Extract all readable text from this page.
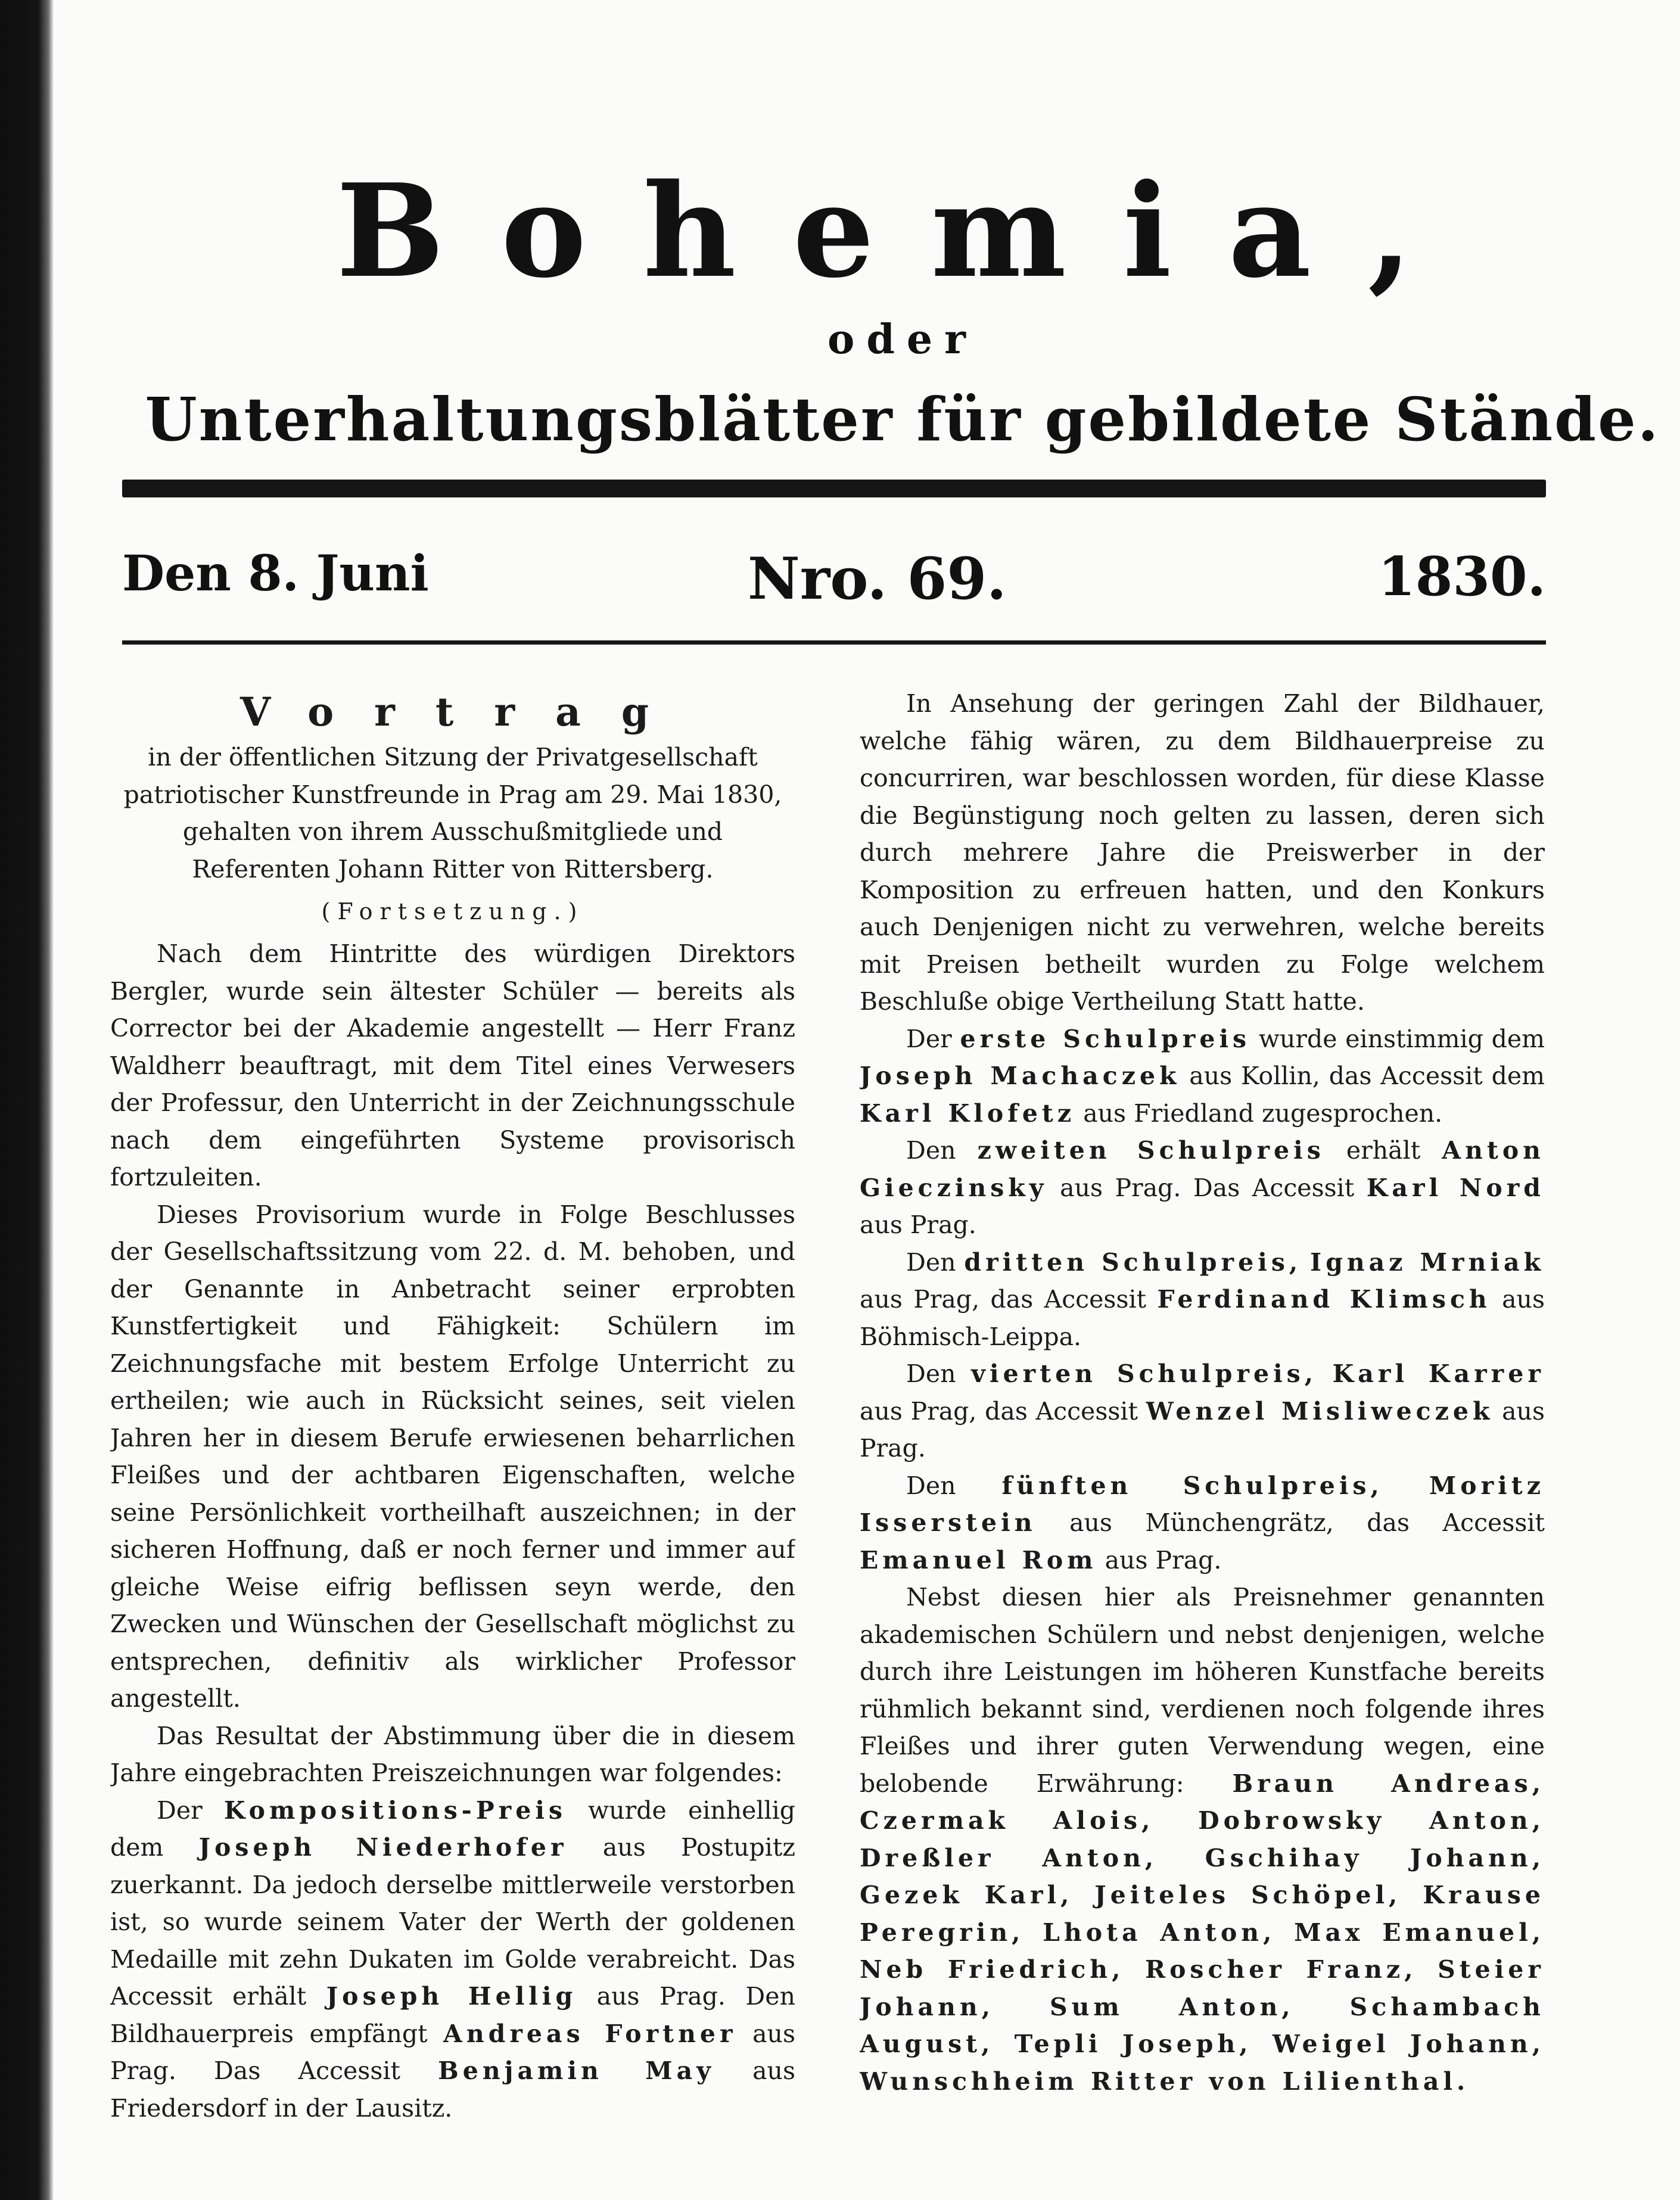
Bohemia,
oder
Unterhaltungsblätter für gebildete Stände.
Den 8. Juni	Nro. 69.	1830.

Vortrag

in der öffentlichen Sitzung der Privatgesellschaft patriotischer Kunstfreunde in Prag am 29. Mai 1830, gehalten von ihrem Ausschußmitgliede und Referenten Johann Ritter von Rittersberg.

(Fortsetzung.)

Nach dem Hintritte des würdigen Direktors Bergler, wurde sein ältester Schüler — bereits als Corrector bei der Akademie angestellt — Herr Franz Waldherr beauftragt, mit dem Titel eines Verwesers der Professur, den Unterricht in der Zeichnungsschule nach dem eingeführten Systeme provisorisch fortzuleiten.

Dieses Provisorium wurde in Folge Beschlusses der Gesellschaftssitzung vom 22. d. M. behoben, und der Genannte in Anbetracht seiner erprobten Kunstfertigkeit und Fähigkeit: Schülern im Zeichnungsfache mit bestem Erfolge Unterricht zu ertheilen; wie auch in Rücksicht seines, seit vielen Jahren her in diesem Berufe erwiesenen beharrlichen Fleißes und der achtbaren Eigenschaften, welche seine Persönlichkeit vortheilhaft auszeichnen; in der sicheren Hoffnung, daß er noch ferner und immer auf gleiche Weise eifrig beflissen seyn werde, den Zwecken und Wünschen der Gesellschaft möglichst zu entsprechen, definitiv als wirklicher Professor angestellt.

Das Resultat der Abstimmung über die in diesem Jahre eingebrachten Preiszeichnungen war folgendes:

Der Kompositions-Preis wurde einhellig dem Joseph Niederhofer aus Postupitz zuerkannt. Da jedoch derselbe mittlerweile verstorben ist, so wurde seinem Vater der Werth der goldenen Medaille mit zehn Dukaten im Golde verabreicht. Das Accessit erhält Joseph Hellig aus Prag. Den Bildhauerpreis empfängt Andreas Fortner aus Prag. Das Accessit Benjamin May aus Friedersdorf in der Lausitz.

In Ansehung der geringen Zahl der Bildhauer, welche fähig wären, zu dem Bildhauerpreise zu concurriren, war beschlossen worden, für diese Klasse die Begünstigung noch gelten zu lassen, deren sich durch mehrere Jahre die Preiswerber in der Komposition zu erfreuen hatten, und den Konkurs auch Denjenigen nicht zu verwehren, welche bereits mit Preisen betheilt wurden zu Folge welchem Beschluße obige Vertheilung Statt hatte.

Der erste Schulpreis wurde einstimmig dem Joseph Machaczek aus Kollin, das Accessit dem Karl Klofetz aus Friedland zugesprochen.

Den zweiten Schulpreis erhält Anton Gieczinsky aus Prag. Das Accessit Karl Nord aus Prag.

Den dritten Schulpreis, Ignaz Mrniak aus Prag, das Accessit Ferdinand Klimsch aus Böhmisch-Leippa.

Den vierten Schulpreis, Karl Karrer aus Prag, das Accessit Wenzel Misliweczek aus Prag.

Den fünften Schulpreis, Moritz Isserstein aus Münchengrätz, das Accessit Emanuel Rom aus Prag.

Nebst diesen hier als Preisnehmer genannten akademischen Schülern und nebst denjenigen, welche durch ihre Leistungen im höheren Kunstfache bereits rühmlich bekannt sind, verdienen noch folgende ihres Fleißes und ihrer guten Verwendung wegen, eine belobende Erwährung: Braun Andreas, Czermak Alois, Dobrowsky Anton, Dreßler Anton, Gschihay Johann, Gezek Karl, Jeiteles Schöpel, Krause Peregrin, Lhota Anton, Max Emanuel, Neb Friedrich, Roscher Franz, Steier Johann, Sum Anton, Schambach August, Tepli Joseph, Weigel Johann, Wunschheim Ritter von Lilienthal.
